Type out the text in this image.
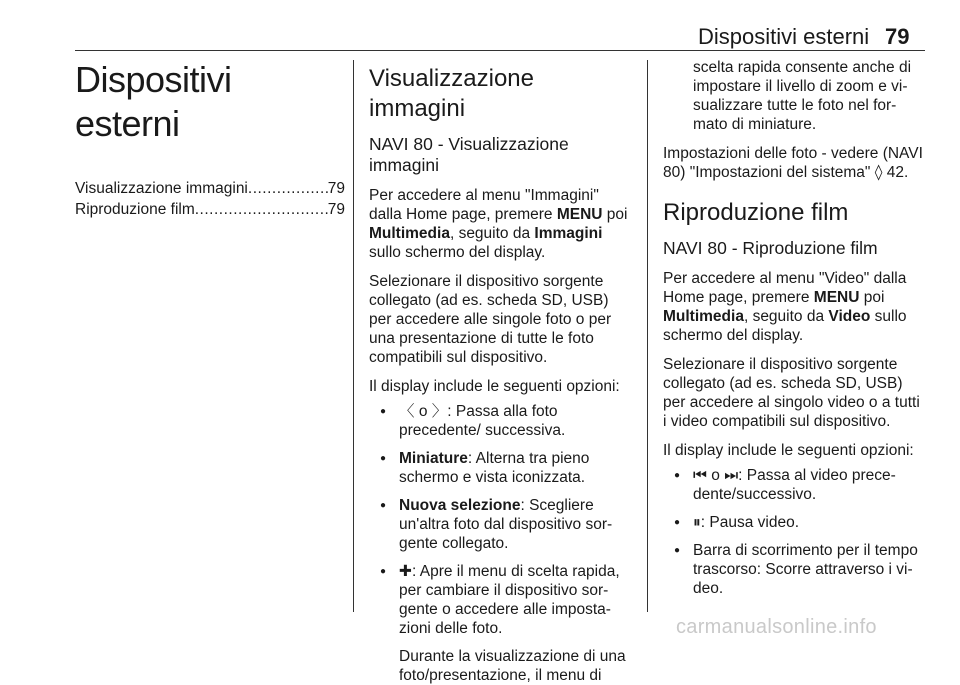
Dispositivi esterni 79
Dispositivi esterni
Visualizzazione immagini .....	79
Riproduzione film .....	79
Visualizzazione immagini
NAVI 80 - Visualizzazione immagini

Per accedere al menu "Immagini" dalla Home page, premere MENU poi Multimedia, seguito da Immagini sullo schermo del display.

Selezionare il dispositivo sorgente collegato (ad es. scheda SD, USB) per accedere alle singole foto o per una presentazione di tutte le foto compatibili sul dispositivo.

Il display include le seguenti opzioni:

● 〈 o 〉: Passa alla foto precedente/ successiva.
● Miniature: Alterna tra pieno schermo e vista iconizzata.
● Nuova selezione: Scegliere un'altra foto dal dispositivo sor- gente collegato.
● ✚: Apre il menu di scelta rapida, per cambiare il dispositivo sor- gente o accedere alle imposta- zioni delle foto.

Durante la visualizzazione di una foto/presentazione, il menu di

scelta rapida consente anche di impostare il livello di zoom e vi- sualizzare tutte le foto nel for- mato di miniature.

Impostazioni delle foto - vedere (NAVI 80) "Impostazioni del sistema" ◊ 42.

Riproduzione film
NAVI 80 - Riproduzione film

Per accedere al menu "Video" dalla Home page, premere MENU poi Multimedia, seguito da Video sullo schermo del display.

Selezionare il dispositivo sorgente collegato (ad es. scheda SD, USB) per accedere al singolo video o a tutti i video compatibili sul dispositivo.

Il display include le seguenti opzioni:

● ⏮ o ⏭: Passa al video prece- dente/successivo.
● ⏸: Pausa video.
● Barra di scorrimento per il tempo trascorso: Scorre attraverso i vi- deo.
carmanualsonline.info
